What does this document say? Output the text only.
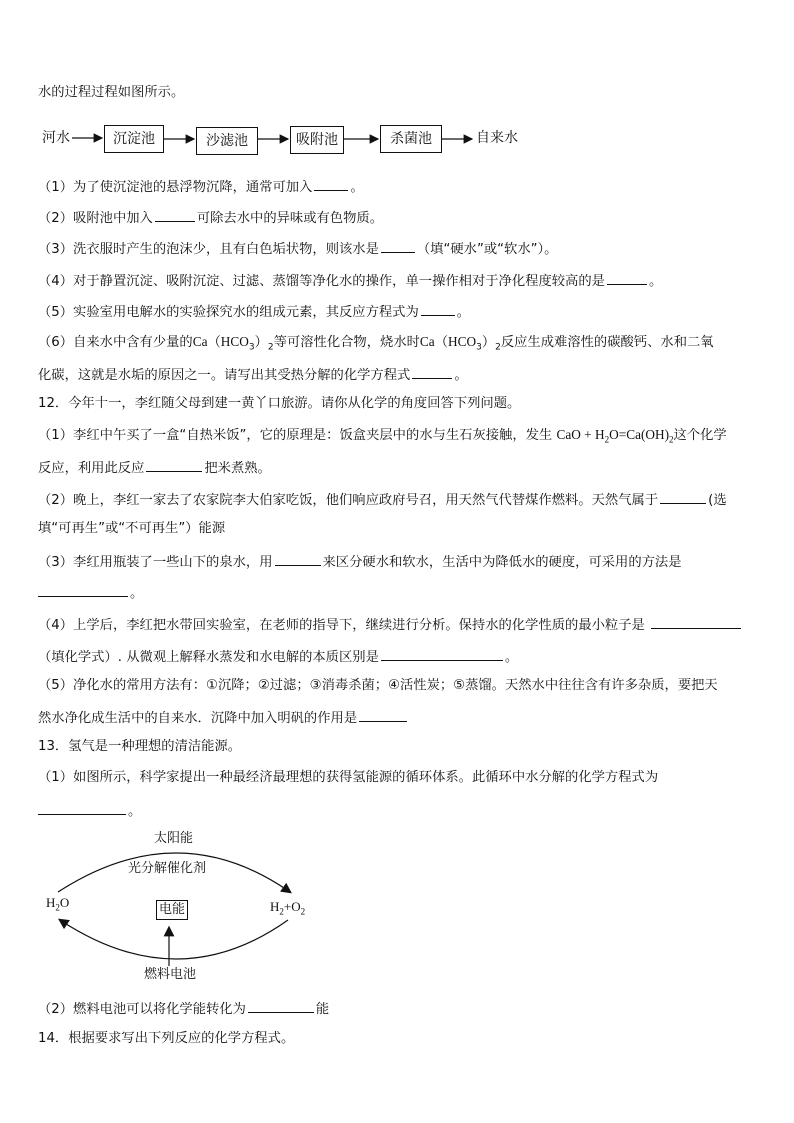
水的过程过程如图所示。
河水	沉淀池	沙滤池	吸附池	杀菌池	自来水
（1）为了使沉淀池的悬浮物沉降，通常可加入	。
（2）吸附池中加入	可除去水中的异味或有色物质。
（3）洗衣服时产生的泡沫少，且有白色垢状物，则该水是	（填“硬水”或“软水”）。
（4）对于静置沉淀、吸附沉淀、过滤、蒸馏等净化水的操作，单一操作相对于净化程度较高的是	。
（5）实验室用电解水的实验探究水的组成元素，其反应方程式为	。
（6）自来水中含有少量的$Ca(HCO_3)_2$等可溶性化合物，烧水时$Ca(HCO_3)_2$反应生成难溶性的碳酸钙、水和二氧
化碳，这就是水垢的原因之一。请写出其受热分解的化学方程式	。
12．今年十一，李红随父母到建一黄丫口旅游。请你从化学的角度回答下列问题。
（1）李红中午买了一盒“自热米饭”，它的原理是：饭盒夹层中的水与生石灰接触，发生 CaO + $H_2O=Ca(OH)_2$这个化学
反应，利用此反应	把米煮熟。
（2）晚上，李红一家去了农家院李大伯家吃饭，他们响应政府号召，用天然气代替煤作燃料。天然气属于	(选
填“可再生”或“不可再生”）能源
（3）李红用瓶装了一些山下的泉水，用	来区分硬水和软水，生活中为降低水的硬度，可采用的方法是
。
（4）上学后，李红把水带回实验室，在老师的指导下，继续进行分析。保持水的化学性质的最小粒子是
（填化学式）. 从微观上解释水蒸发和水电解的本质区别是	。
（5）净化水的常用方法有：①沉降；②过滤；③消毒杀菌；④活性炭；⑤蒸馏。天然水中往往含有许多杂质，要把天
然水净化成生活中的自来水．沉降中加入明矾的作用是
13．氢气是一种理想的清洁能源。
（1）如图所示，科学家提出一种最经济最理想的获得氢能源的循环体系。此循环中水分解的化学方程式为
。
太阳能
光分解催化剂
$H_2O$	$H_2+O_2$
电能
燃料电池
（2）燃料电池可以将化学能转化为	能
14．根据要求写出下列反应的化学方程式。
